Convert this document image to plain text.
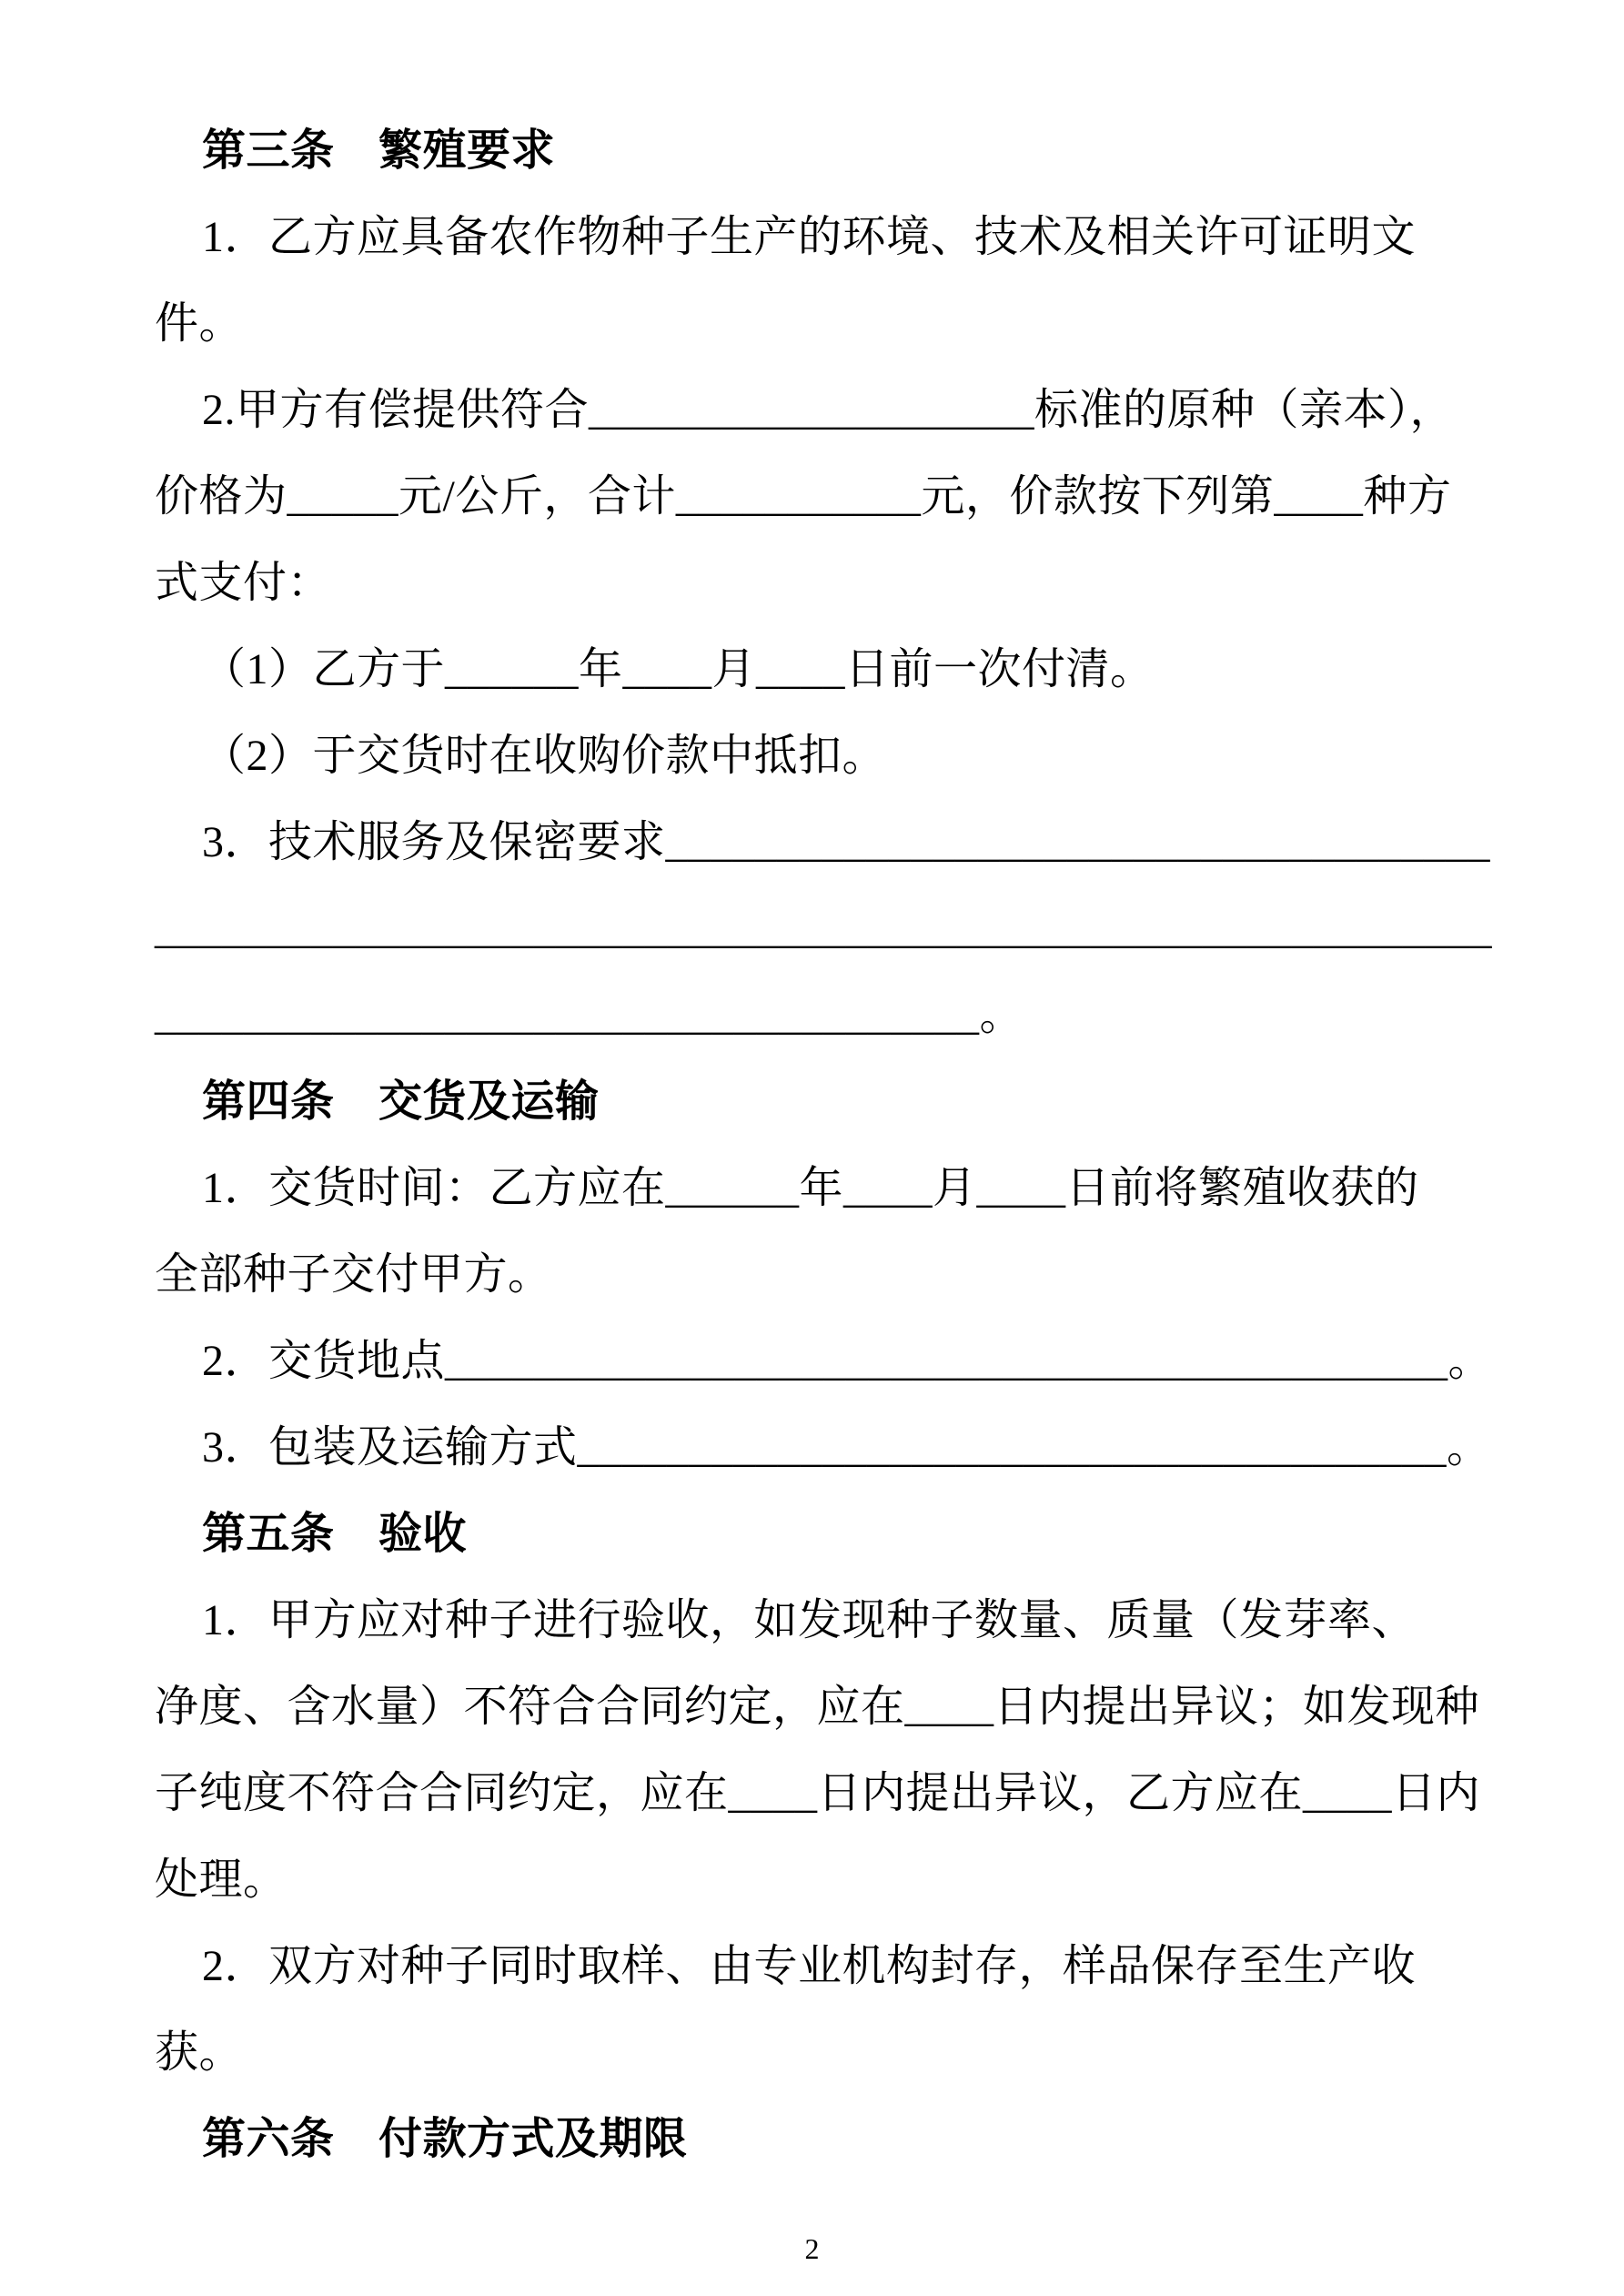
第三条　繁殖要求
1．乙方应具备农作物种子生产的环境、技术及相关许可证明文
件。
2.甲方有偿提供符合____________________标准的原种（亲本），
价格为_____元/公斤，合计___________元，价款按下列第____种方
式支付：
（1）乙方于______年____月____日前一次付清。
（2）于交货时在收购价款中抵扣。
3．技术服务及保密要求_____________________________________
____________________________________________________________
_____________________________________。
第四条　交货及运输
1．交货时间：乙方应在______年____月____日前将繁殖收获的
全部种子交付甲方。
2．交货地点_____________________________________________。
3．包装及运输方式_______________________________________。
第五条　验收
1．甲方应对种子进行验收，如发现种子数量、质量（发芽率、
净度、含水量）不符合合同约定，应在____日内提出异议；如发现种
子纯度不符合合同约定，应在____日内提出异议，乙方应在____日内
处理。
2．双方对种子同时取样、由专业机构封存，样品保存至生产收
获。
第六条　付款方式及期限
2
